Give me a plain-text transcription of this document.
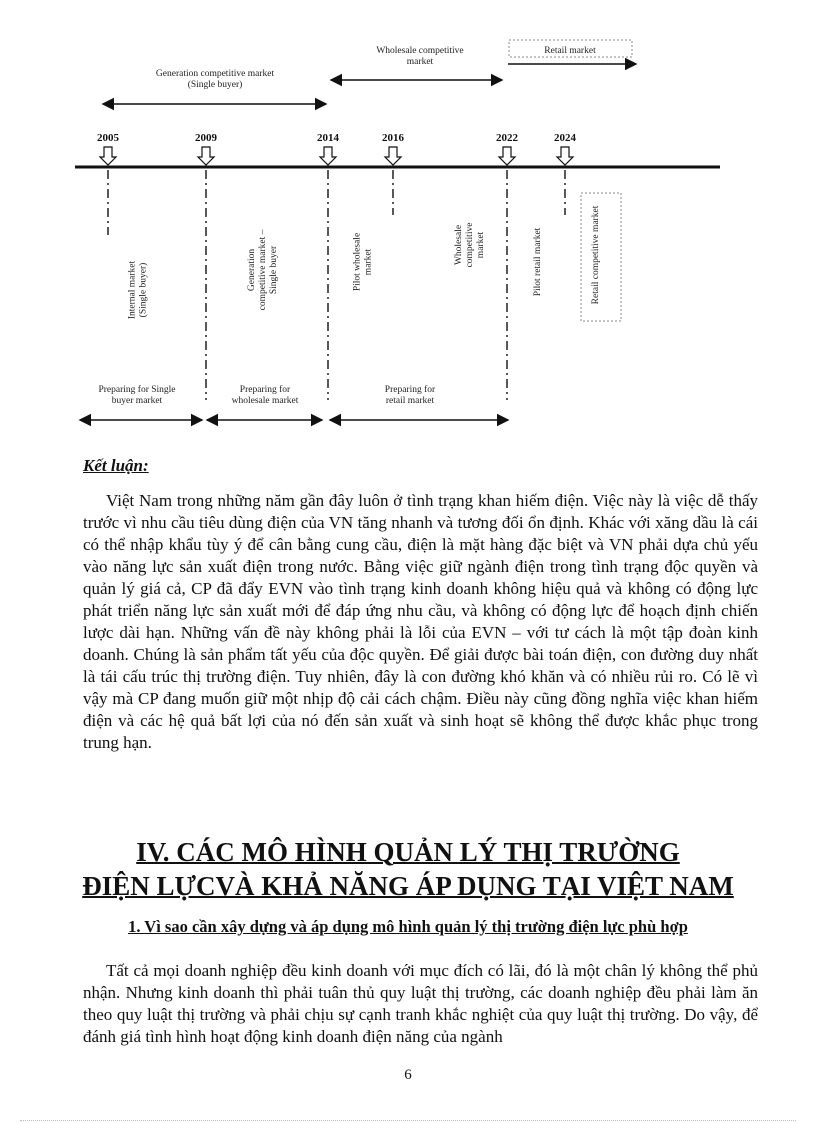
Generation competitive market (Single buyer)
Wholesale competitive market
Retail market
2005	2009	2014	2016	2022	2024
Internal market(Single buyer)	Generationcompetitive market –Single buyer	Pilot wholesalemarket	Wholesalecompetitivemarket	Pilot retail market	Retail competitive market
Preparing for Single buyer market
Preparing for wholesale market
Preparing for retail market

Kết luận:

Việt Nam trong những năm gần đây luôn ở tình trạng khan hiếm điện. Việc này là việc dễ thấy trước vì nhu cầu tiêu dùng điện của VN tăng nhanh và tương đối ổn định. Khác với xăng dầu là cái có thể nhập khẩu tùy ý để cân bằng cung cầu, điện là mặt hàng đặc biệt và VN phải dựa chủ yếu vào năng lực sản xuất điện trong nước. Bằng việc giữ ngành điện trong tình trạng độc quyền và quản lý giá cả, CP đã đẩy EVN vào tình trạng kinh doanh không hiệu quả và không có động lực phát triển năng lực sản xuất mới để đáp ứng nhu cầu, và không có động lực để hoạch định chiến lược dài hạn. Những vấn đề này không phải là lỗi của EVN – với tư cách là một tập đoàn kinh doanh. Chúng là sản phẩm tất yếu của độc quyền. Để giải được bài toán điện, con đường duy nhất là tái cấu trúc thị trường điện. Tuy nhiên, đây là con đường khó khăn và có nhiều rủi ro. Có lẽ vì vậy mà CP đang muốn giữ một nhịp độ cải cách chậm. Điều này cũng đồng nghĩa việc khan hiếm điện và các hệ quả bất lợi của nó đến sản xuất và sinh hoạt sẽ không thể được khắc phục trong trung hạn.

IV. CÁC MÔ HÌNH QUẢN LÝ THỊ TRƯỜNG
ĐIỆN LỰCVÀ KHẢ NĂNG ÁP DỤNG TẠI VIỆT NAM
1. Vì sao cần xây dựng và áp dụng mô hình quản lý thị trường điện lực phù hợp

Tất cả mọi doanh nghiệp đều kinh doanh với mục đích có lãi, đó là một chân lý không thể phủ nhận. Nhưng kinh doanh thì phải tuân thủ quy luật thị trường, các doanh nghiệp đều phải làm ăn theo quy luật thị trường và phải chịu sự cạnh tranh khắc nghiệt của quy luật thị trường. Do vậy, để đánh giá tình hình hoạt động kinh doanh điện năng của ngành

6
